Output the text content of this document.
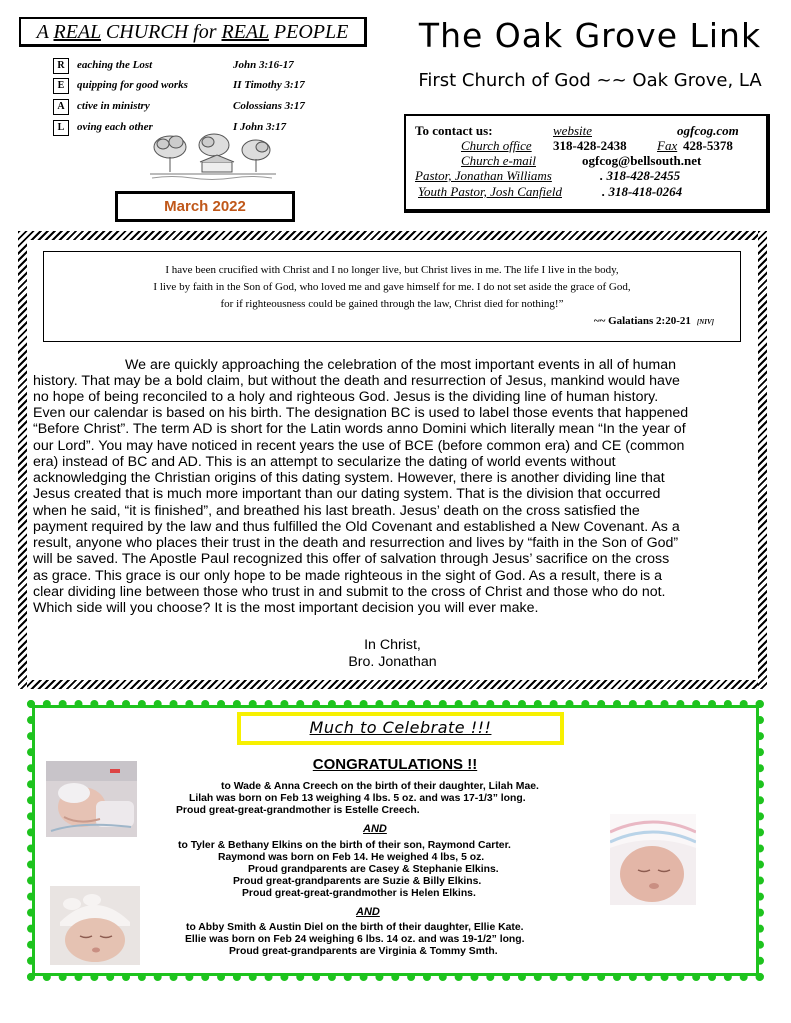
A REAL CHURCH for REAL PEOPLE
R	eaching the Lost	John 3:16-17
E	quipping for good works	II Timothy 3:17
A	ctive in ministry	Colossians 3:17
L	oving each other	I John 3:17
March 2022
The Oak Grove Link
First Church of God ~~ Oak Grove, LA
To contact us:	website	ogfcog.com
Church office 318-428-2438 Fax 428-5378
Church e-mail	ogfcog@bellsouth.net
Pastor, Jonathan Williams	. 318-428-2455
Youth Pastor, Josh Canfield	. 318-418-0264
I have been crucified with Christ and I no longer live, but Christ lives in me. The life I live in the body,
I live by faith in the Son of God, who loved me and gave himself for me. I do not set aside the grace of God,
for if righteousness could be gained through the law, Christ died for nothing!”
~~ Galatians 2:20-21 [NIV]
We are quickly approaching the celebration of the most important events in all of human
history. That may be a bold claim, but without the death and resurrection of Jesus, mankind would have
no hope of being reconciled to a holy and righteous God. Jesus is the dividing line of human history.
Even our calendar is based on his birth. The designation BC is used to label those events that happened
“Before Christ”. The term AD is short for the Latin words anno Domini which literally mean “In the year of
our Lord”. You may have noticed in recent years the use of BCE (before common era) and CE (common
era) instead of BC and AD. This is an attempt to secularize the dating of world events without
acknowledging the Christian origins of this dating system. However, there is another dividing line that
Jesus created that is much more important than our dating system. That is the division that occurred
when he said, “it is finished”, and breathed his last breath. Jesus’ death on the cross satisfied the
payment required by the law and thus fulfilled the Old Covenant and established a New Covenant. As a
result, anyone who places their trust in the death and resurrection and lives by “faith in the Son of God”
will be saved. The Apostle Paul recognized this offer of salvation through Jesus’ sacrifice on the cross
as grace. This grace is our only hope to be made righteous in the sight of God. As a result, there is a
clear dividing line between those who trust in and submit to the cross of Christ and those who do not.
Which side will you choose? It is the most important decision you will ever make.
In Christ,
Bro. Jonathan
Much to Celebrate !!!
CONGRATULATIONS !!
to Wade & Anna Creech on the birth of their daughter, Lilah Mae.
Lilah was born on Feb 13 weighing 4 lbs. 5 oz. and was 17-1/3” long.
Proud great-great-grandmother is Estelle Creech.
AND
to Tyler & Bethany Elkins on the birth of their son, Raymond Carter.
Raymond was born on Feb 14. He weighed 4 lbs, 5 oz.
Proud grandparents are Casey & Stephanie Elkins.
Proud great-grandparents are Suzie & Billy Elkins.
Proud great-great-grandmother is Helen Elkins.
AND
to Abby Smith & Austin Diel on the birth of their daughter, Ellie Kate.
Ellie was born on Feb 24 weighing 6 lbs. 14 oz. and was 19-1/2” long.
Proud great-grandparents are Virginia & Tommy Smth.
